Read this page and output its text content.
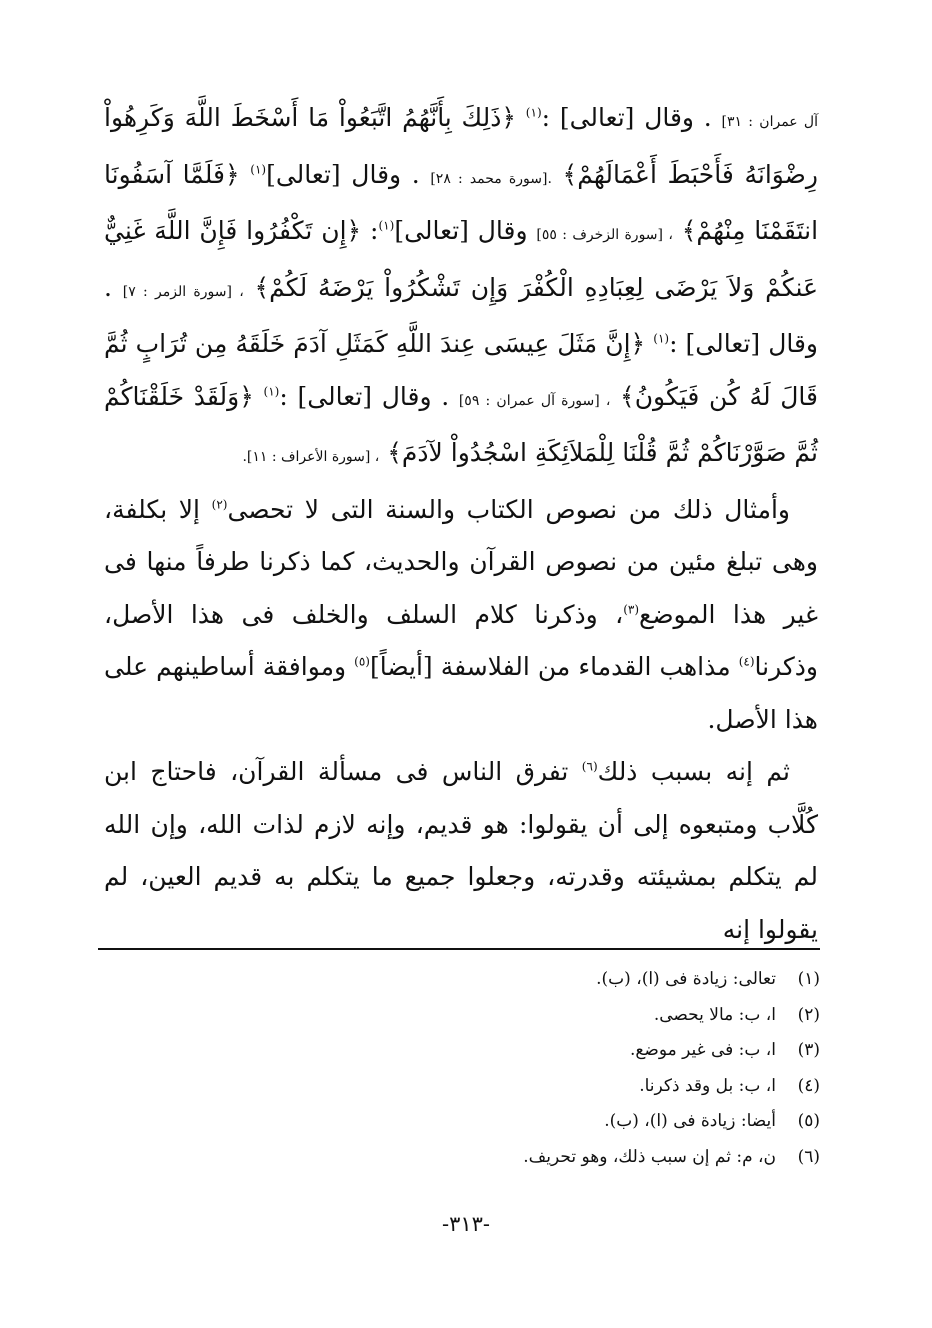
آل عمران : ٣١] . وقال [تعالى] :$^{(١)}$ ﴿ذَلِكَ بِأَنَّهُمُ اتَّبَعُواْ مَا أَسْخَطَ اللَّهَ وَكَرِهُواْ رِضْوَانَهُ فَأَحْبَطَ أَعْمَالَهُمْ﴾ .[سورة محمد : ٢٨] . وقال [تعالى]$^{(١)}$ ﴿فَلَمَّا آسَفُونَا انتَقَمْنَا مِنْهُمْ﴾ ، [سورة الزخرف : ٥٥] وقال [تعالى]$^{(١)}$: ﴿إِن تَكْفُرُوا فَإِنَّ اللَّهَ غَنِيٌّ عَنكُمْ وَلاَ يَرْضَى لِعِبَادِهِ الْكُفْرَ وَإِن تَشْكُرُواْ يَرْضَهُ لَكُمْ﴾ ، [سورة الزمر : ٧] . وقال [تعالى] :$^{(١)}$ ﴿إِنَّ مَثَلَ عِيسَى عِندَ اللَّهِ كَمَثَلِ آدَمَ خَلَقَهُ مِن تُرَابٍ ثُمَّ قَالَ لَهُ كُن فَيَكُونُ﴾ ، [سورة آل عمران : ٥٩] . وقال [تعالى] :$^{(١)}$ ﴿وَلَقَدْ خَلَقْنَاكُمْ ثُمَّ صَوَّرْنَاكُمْ ثُمَّ قُلْنَا لِلْمَلاَئِكَةِ اسْجُدُواْ لآدَمَ﴾ ، [سورة الأعراف : ١١].

وأمثال ذلك من نصوص الكتاب والسنة التى لا تحصى$^{(٢)}$ إلا بكلفة، وهى تبلغ مئين من نصوص القرآن والحديث، كما ذكرنا طرفاً منها فى غير هذا الموضع$^{(٣)}$، وذكرنا كلام السلف والخلف فى هذا الأصل، وذكرنا$^{(٤)}$ مذاهب القدماء من الفلاسفة [أيضاً]$^{(٥)}$ وموافقة أساطينهم على هذا الأصل.

ثم إنه بسبب ذلك$^{(٦)}$ تفرق الناس فى مسألة القرآن، فاحتاج ابن كُلَّاب ومتبعوه إلى أن يقولوا: هو قديم، وإنه لازم لذات الله، وإن الله لم يتكلم بمشيئته وقدرته، وجعلوا جميع ما يتكلم به قديم العين، لم يقولوا إنه

(١)تعالى: زيادة فى (ا)، (ب).
(٢)ا، ب: مالا يحصى.
(٣)ا، ب: فى غير موضع.
(٤)ا، ب: بل وقد ذكرنا.
(٥)أيضا: زيادة فى (ا)، (ب).
(٦)ن، م: ثم إن سبب ذلك، وهو تحريف.
-٣١٣-
